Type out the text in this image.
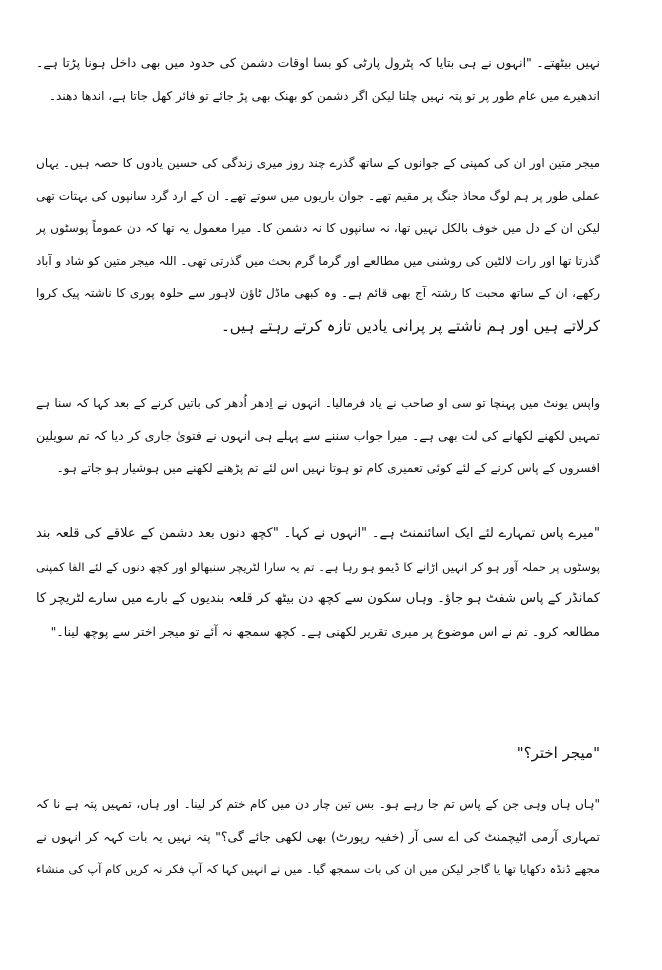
نہیں بیٹھتے۔ "انہوں نے ہی بتایا کہ پٹرول پارٹی کو بسا اوقات دشمن کی حدود میں بھی داخل ہونا پڑتا ہے۔
اندھیرے میں عام طور پر تو پتہ نہیں چلتا لیکن اگر دشمن کو بھنک بھی پڑ جائے تو فائر کھل جاتا ہے، اندھا دھند۔

میجر متین اور ان کی کمپنی کے جوانوں کے ساتھ گذرے چند روز میری زندگی کی حسین یادوں کا حصہ ہیں۔ یہاں
عملی طور پر ہم لوگ محاذ جنگ پر مقیم تھے۔ جوان باریوں میں سوتے تھے۔ ان کے ارد گرد سانپوں کی بہتات تھی
لیکن ان کے دل میں خوف بالکل نہیں تھا، نہ سانپوں کا نہ دشمن کا۔ میرا معمول یہ تھا کہ دن عموماً پوسٹوں پر
گذرتا تھا اور رات لالٹین کی روشنی میں مطالعے اور گرما گرم بحث میں گذرتی تھی۔ اللہ میجر متین کو شاد و آباد
رکھے، ان کے ساتھ محبت کا رشتہ آج بھی قائم ہے۔ وہ کبھی ماڈل ٹاؤن لاہور سے حلوہ پوری کا ناشتہ پیک کروا
کرلاتے ہیں اور ہم ناشتے پر پرانی یادیں تازہ کرتے رہتے ہیں۔

واپس یونٹ میں پہنچا تو سی او صاحب نے یاد فرمالیا۔ انہوں نے اِدھر اُدھر کی باتیں کرنے کے بعد کہا کہ سنا ہے
تمہیں لکھنے لکھانے کی لت بھی ہے۔ میرا جواب سننے سے پہلے ہی انہوں نے فتویٰ جاری کر دیا کہ تم سویلین
افسروں کے پاس کرنے کے لئے کوئی تعمیری کام تو ہوتا نہیں اس لئے تم پڑھنے لکھنے میں ہوشیار ہو جاتے ہو۔

"میرے پاس تمہارے لئے ایک اسائنمنٹ ہے۔ "انہوں نے کہا۔ "کچھ دنوں بعد دشمن کے علاقے کی قلعہ بند
پوسٹوں پر حملہ آور ہو کر انہیں اڑانے کا ڈیمو ہو رہا ہے۔ تم یہ سارا لٹریچر سنبھالو اور کچھ دنوں کے لئے الفا کمپنی
کمانڈر کے پاس شفٹ ہو جاؤ۔ وہاں سکون سے کچھ دن بیٹھ کر قلعہ بندیوں کے بارے میں سارے لٹریچر کا
مطالعہ کرو۔ تم نے اس موضوع پر میری تقریر لکھنی ہے۔ کچھ سمجھ نہ آئے تو میجر اختر سے پوچھ لینا۔"

"میجر اختر؟"

"ہاں ہاں وہی جن کے پاس تم جا رہے ہو۔ بس تین چار دن میں کام ختم کر لینا۔ اور ہاں، تمہیں پتہ ہے نا کہ
تمہاری آرمی اٹیچمنٹ کی اے سی آر (خفیہ رپورٹ) بھی لکھی جائے گی؟" پتہ نہیں یہ بات کہہ کر انہوں نے
مجھے ڈنڈہ دکھایا تھا یا گاجر لیکن میں ان کی بات سمجھ گیا۔ میں نے انہیں کہا کہ آپ فکر نہ کریں کام آپ کی منشاء
